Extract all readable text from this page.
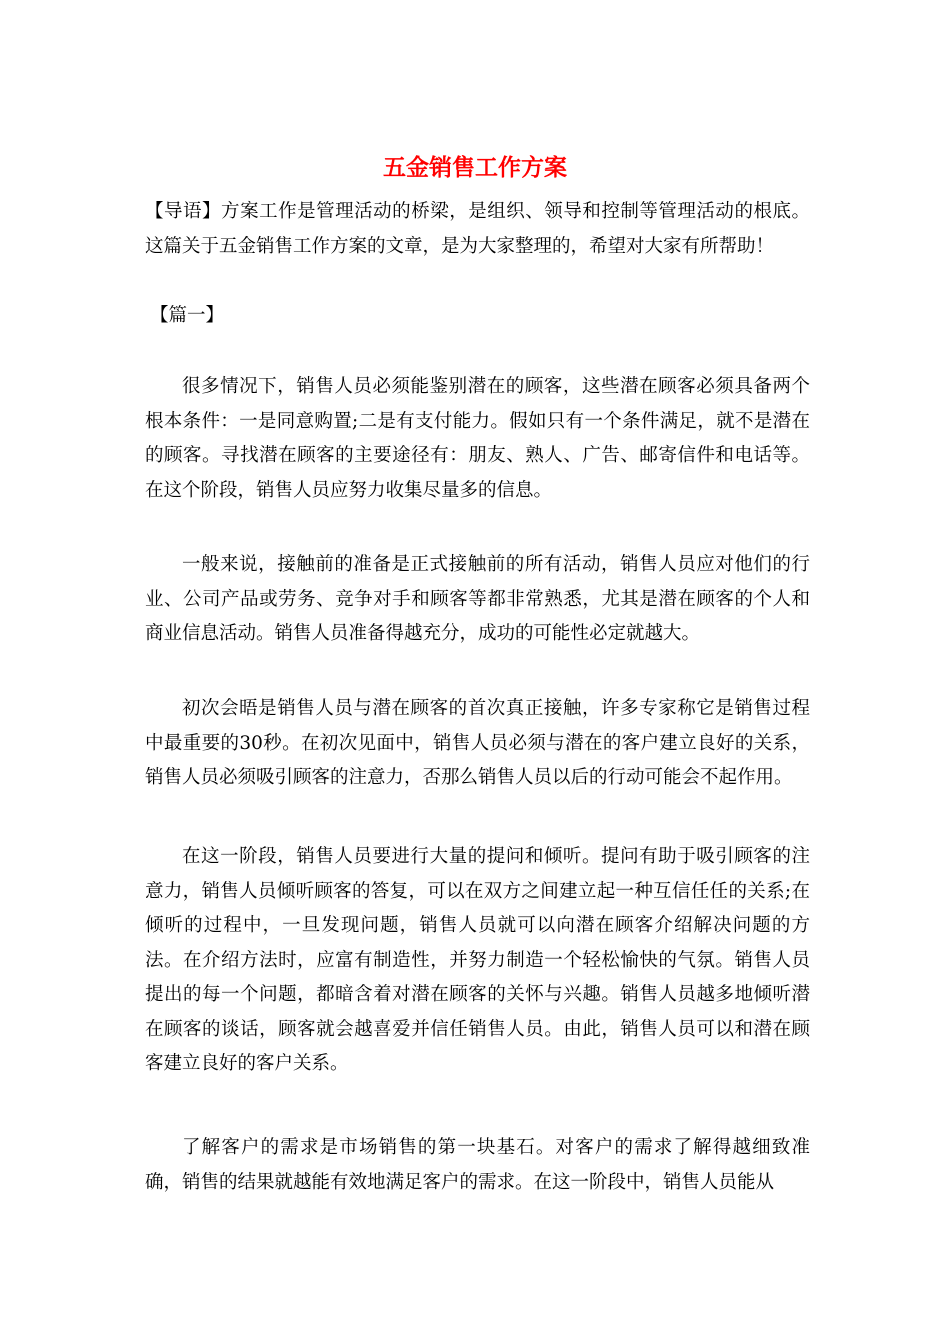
五金销售工作方案

【导语】方案工作是管理活动的桥梁，是组织、领导和控制等管理活动的根底。这篇关于五金销售工作方案的文章，是为大家整理的，希望对大家有所帮助！

【篇一】

很多情况下，销售人员必须能鉴别潜在的顾客，这些潜在顾客必须具备两个根本条件：一是同意购置;二是有支付能力。假如只有一个条件满足，就不是潜在的顾客。寻找潜在顾客的主要途径有：朋友、熟人、广告、邮寄信件和电话等。在这个阶段，销售人员应努力收集尽量多的信息。

一般来说，接触前的准备是正式接触前的所有活动，销售人员应对他们的行业、公司产品或劳务、竞争对手和顾客等都非常熟悉，尤其是潜在顾客的个人和商业信息活动。销售人员准备得越充分，成功的可能性必定就越大。

初次会晤是销售人员与潜在顾客的首次真正接触，许多专家称它是销售过程中最重要的30秒。在初次见面中，销售人员必须与潜在的客户建立良好的关系，销售人员必须吸引顾客的注意力，否那么销售人员以后的行动可能会不起作用。

在这一阶段，销售人员要进行大量的提问和倾听。提问有助于吸引顾客的注意力，销售人员倾听顾客的答复，可以在双方之间建立起一种互信任任的关系;在倾听的过程中，一旦发现问题，销售人员就可以向潜在顾客介绍解决问题的方法。在介绍方法时，应富有制造性，并努力制造一个轻松愉快的气氛。销售人员提出的每一个问题，都暗含着对潜在顾客的关怀与兴趣。销售人员越多地倾听潜在顾客的谈话，顾客就会越喜爱并信任销售人员。由此，销售人员可以和潜在顾客建立良好的客户关系。

了解客户的需求是市场销售的第一块基石。对客户的需求了解得越细致准确，销售的结果就越能有效地满足客户的需求。在这一阶段中，销售人员能从
